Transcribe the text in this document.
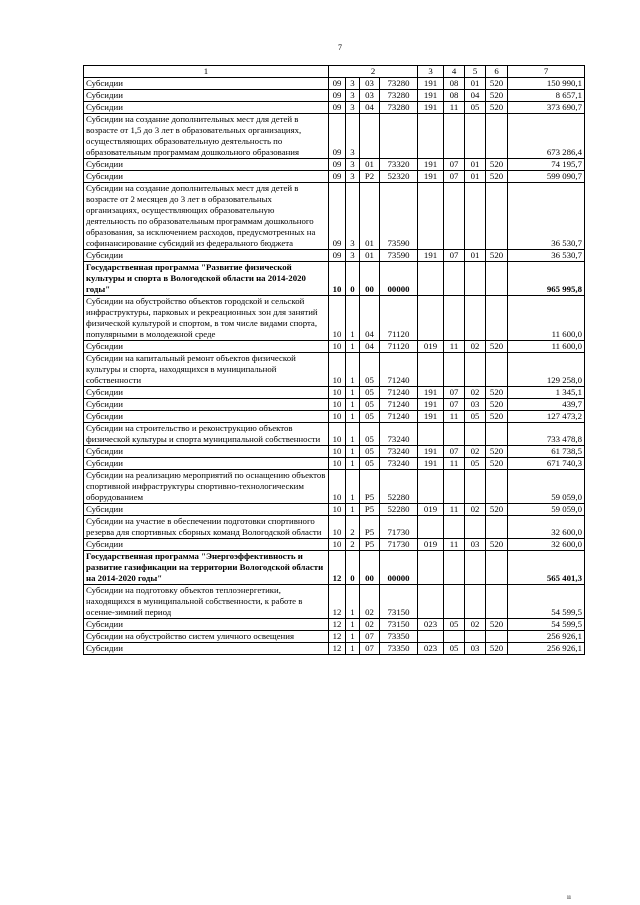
7
1	2				3	4	5	6	7
Субсидии	09	3	03	73280	191	08	01	520	150 990,1
Субсидии	09	3	03	73280	191	08	04	520	8 657,1
Субсидии	09	3	04	73280	191	11	05	520	373 690,7
Субсидии на создание дополнительных мест для детей в возрасте от 1,5 до 3 лет в образовательных организациях, осуществляющих образовательную деятельность по образовательным программам дошкольного образования	09	3							673 286,4
Субсидии	09	3	01	73320	191	07	01	520	74 195,7
Субсидии	09	3	P2	52320	191	07	01	520	599 090,7
Субсидии на создание дополнительных мест для детей в возрасте от 2 месяцев до 3 лет в образовательных организациях, осуществляющих образовательную деятельность по образовательным программам дошкольного образования, за исключением расходов, предусмотренных на софинансирование субсидий из федерального бюджета	09	3	01	73590					36 530,7
Субсидии	09	3	01	73590	191	07	01	520	36 530,7
Государственная программа "Развитие физической культуры и спорта в Вологодской области на 2014-2020 годы"	10	0	00	00000					965 995,8
Субсидии на обустройство объектов городской и сельской инфраструктуры, парковых и рекреационных зон для занятий физической культурой и спортом, в том числе видами спорта, популярными в молодежной среде	10	1	04	71120					11 600,0
Субсидии	10	1	04	71120	019	11	02	520	11 600,0
Субсидии на капитальный ремонт объектов физической культуры и спорта, находящихся в муниципальной собственности	10	1	05	71240					129 258,0
Субсидии	10	1	05	71240	191	07	02	520	1 345,1
Субсидии	10	1	05	71240	191	07	03	520	439,7
Субсидии	10	1	05	71240	191	11	05	520	127 473,2
Субсидии на строительство и реконструкцию объектов физической культуры и спорта муниципальной собственности	10	1	05	73240					733 478,8
Субсидии	10	1	05	73240	191	07	02	520	61 738,5
Субсидии	10	1	05	73240	191	11	05	520	671 740,3
Субсидии на реализацию мероприятий по оснащению объектов спортивной инфраструктуры спортивно-технологическим оборудованием	10	1	P5	52280					59 059,0
Субсидии	10	1	P5	52280	019	11	02	520	59 059,0
Субсидии на участие в обеспечении подготовки спортивного резерва для спортивных сборных команд Вологодской области	10	2	P5	71730					32 600,0
Субсидии	10	2	P5	71730	019	11	03	520	32 600,0
Государственная программа "Энергоэффективность и развитие газификации на территории Вологодской области на 2014-2020 годы"	12	0	00	00000					565 401,3
Субсидии на подготовку объектов теплоэнергетики, находящихся в муниципальной собственности, к работе в осенне-зимний период	12	1	02	73150					54 599,5
Субсидии	12	1	02	73150	023	05	02	520	54 599,5
Субсидии на обустройство систем уличного освещения	12	1	07	73350					256 926,1
Субсидии	12	1	07	73350	023	05	03	520	256 926,1
ıı
